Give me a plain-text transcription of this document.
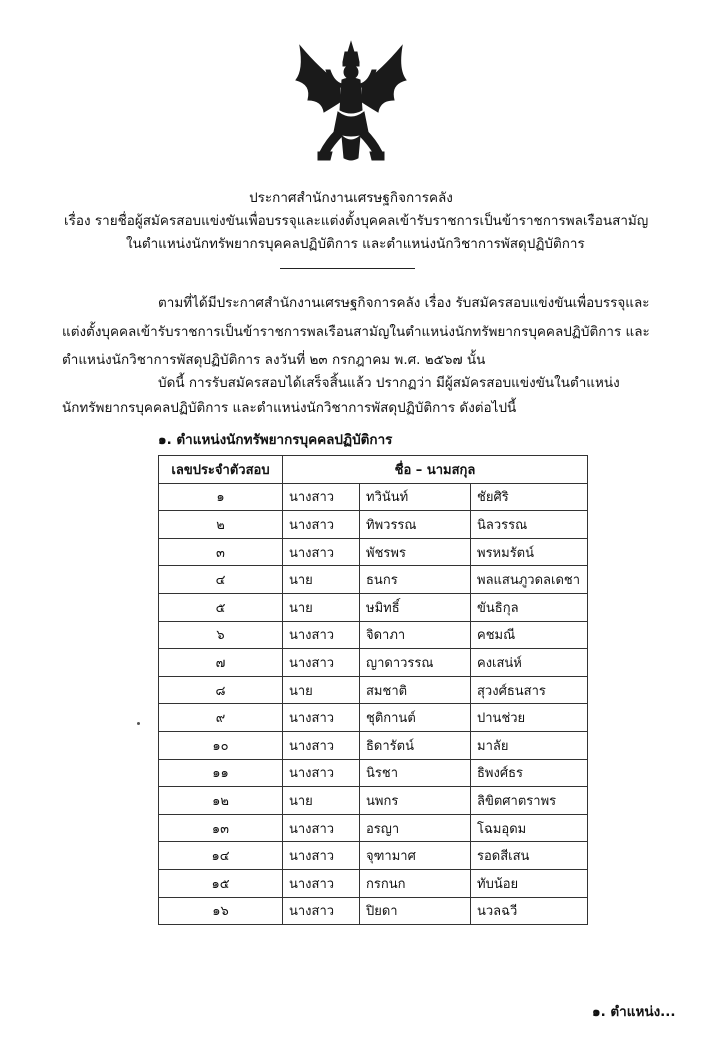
ประกาศสำนักงานเศรษฐกิจการคลัง
เรื่อง รายชื่อผู้สมัครสอบแข่งขันเพื่อบรรจุและแต่งตั้งบุคคลเข้ารับราชการเป็นข้าราชการพลเรือนสามัญ
ในตำแหน่งนักทรัพยากรบุคคลปฏิบัติการ และตำแหน่งนักวิชาการพัสดุปฏิบัติการ
ตามที่ได้มีประกาศสำนักงานเศรษฐกิจการคลัง เรื่อง รับสมัครสอบแข่งขันเพื่อบรรจุและ
แต่งตั้งบุคคลเข้ารับราชการเป็นข้าราชการพลเรือนสามัญในตำแหน่งนักทรัพยากรบุคคลปฏิบัติการ และ
ตำแหน่งนักวิชาการพัสดุปฏิบัติการ ลงวันที่ ๒๓ กรกฎาคม พ.ศ. ๒๕๖๗ นั้น
บัดนี้ การรับสมัครสอบได้เสร็จสิ้นแล้ว ปรากฏว่า มีผู้สมัครสอบแข่งขันในตำแหน่ง
นักทรัพยากรบุคคลปฏิบัติการ และตำแหน่งนักวิชาการพัสดุปฏิบัติการ ดังต่อไปนี้
๑. ตำแหน่งนักทรัพยากรบุคคลปฏิบัติการ
เลขประจำตัวสอบ	ชื่อ – นามสกุล		
๑	นางสาว	ทวินันท์	ชัยศิริ
๒	นางสาว	ทิพวรรณ	นิลวรรณ
๓	นางสาว	พัชรพร	พรหมรัตน์
๔	นาย	ธนกร	พลแสนภูวดลเดชา
๕	นาย	ษมิทธิ์	ขันธิกุล
๖	นางสาว	จิดาภา	คชมณี
๗	นางสาว	ญาดาวรรณ	คงเสน่ห์
๘	นาย	สมชาติ	สุวงศ์ธนสาร
๙	นางสาว	ชุติกานต์	ปานช่วย
๑๐	นางสาว	ธิดารัตน์	มาลัย
๑๑	นางสาว	นิรชา	ธิพงศ์ธร
๑๒	นาย	นพกร	ลิขิตศาตราพร
๑๓	นางสาว	อรญา	โฉมอุดม
๑๔	นางสาว	จุฑามาศ	รอดสีเสน
๑๕	นางสาว	กรกนก	ทับน้อย
๑๖	นางสาว	ปิยดา	นวลฉวี
๑. ตำแหน่ง...
